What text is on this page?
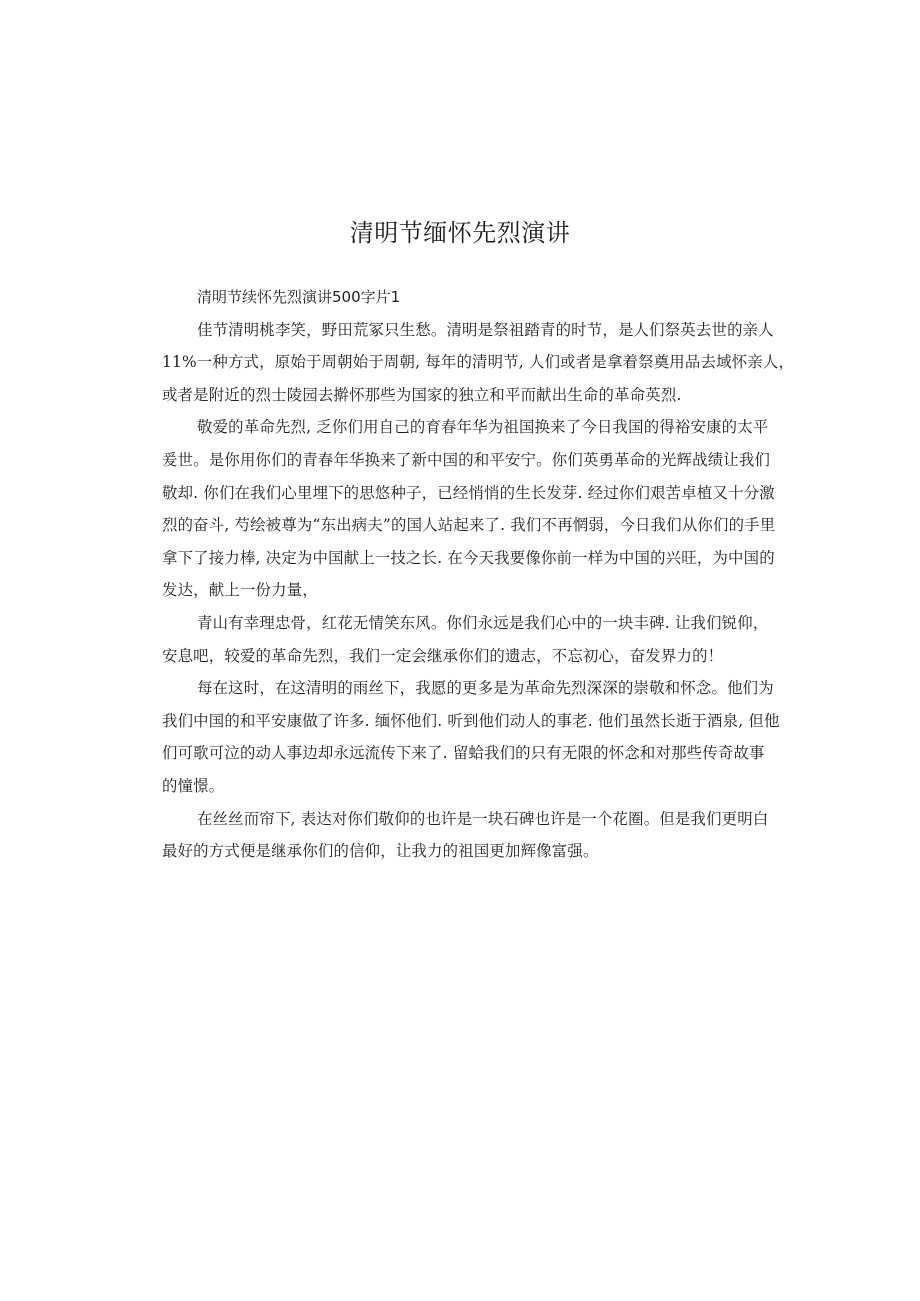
清明节缅怀先烈演讲

清明节续怀先烈演讲500字片1

佳节清明桃李笑，野田荒冢只生愁。清明是祭祖踏青的时节，是人们祭英去世的亲人
11%一种方式，原始于周朝始于周朝, 每年的清明节, 人们或者是拿着祭奠用品去域怀亲人，
或者是附近的烈士陵园去擀怀那些为国家的独立和平而献出生命的革命英烈.
敬爱的革命先烈, 乏你们用自己的育春年华为祖国换来了今日我国的得裕安康的太平
爰世。是你用你们的青春年华换来了新中国的和平安宁。你们英勇革命的光辉战绩让我们
敬却. 你们在我们心里埋下的思悠种子，已经悄悄的生长发芽. 经过你们艰苦卓植又十分激
烈的奋斗, 芍绘被尊为“东出病夫”的国人站起来了. 我们不再惘弱，今日我们从你们的手里
拿下了接力棒, 决定为中国献上一技之长. 在今天我要像你前一样为中国的兴旺，为中国的
发达，献上一份力量，
青山有幸理忠骨，红花无情笑东风。你们永远是我们心中的一块丰碑. 让我们锐仰，
安息吧，较爱的革命先烈，我们一定会继承你们的遗志，不忘初心，奋发界力的！
每在这时，在这清明的雨丝下，我愿的更多是为革命先烈深深的崇敬和怀念。他们为
我们中国的和平安康做了许多. 缅怀他们. 听到他们动人的事老. 他们虽然长逝于酒泉, 但他
们可歌可泣的动人事边却永远流传下来了. 留蛤我们的只有无限的怀念和对那些传奇故事
的憧憬。
在丝丝而帘下, 表达对你们敬仰的也许是一块石碑也许是一个花圈。但是我们更明白
最好的方式便是继承你们的信仰，让我力的祖国更加辉像富强。
